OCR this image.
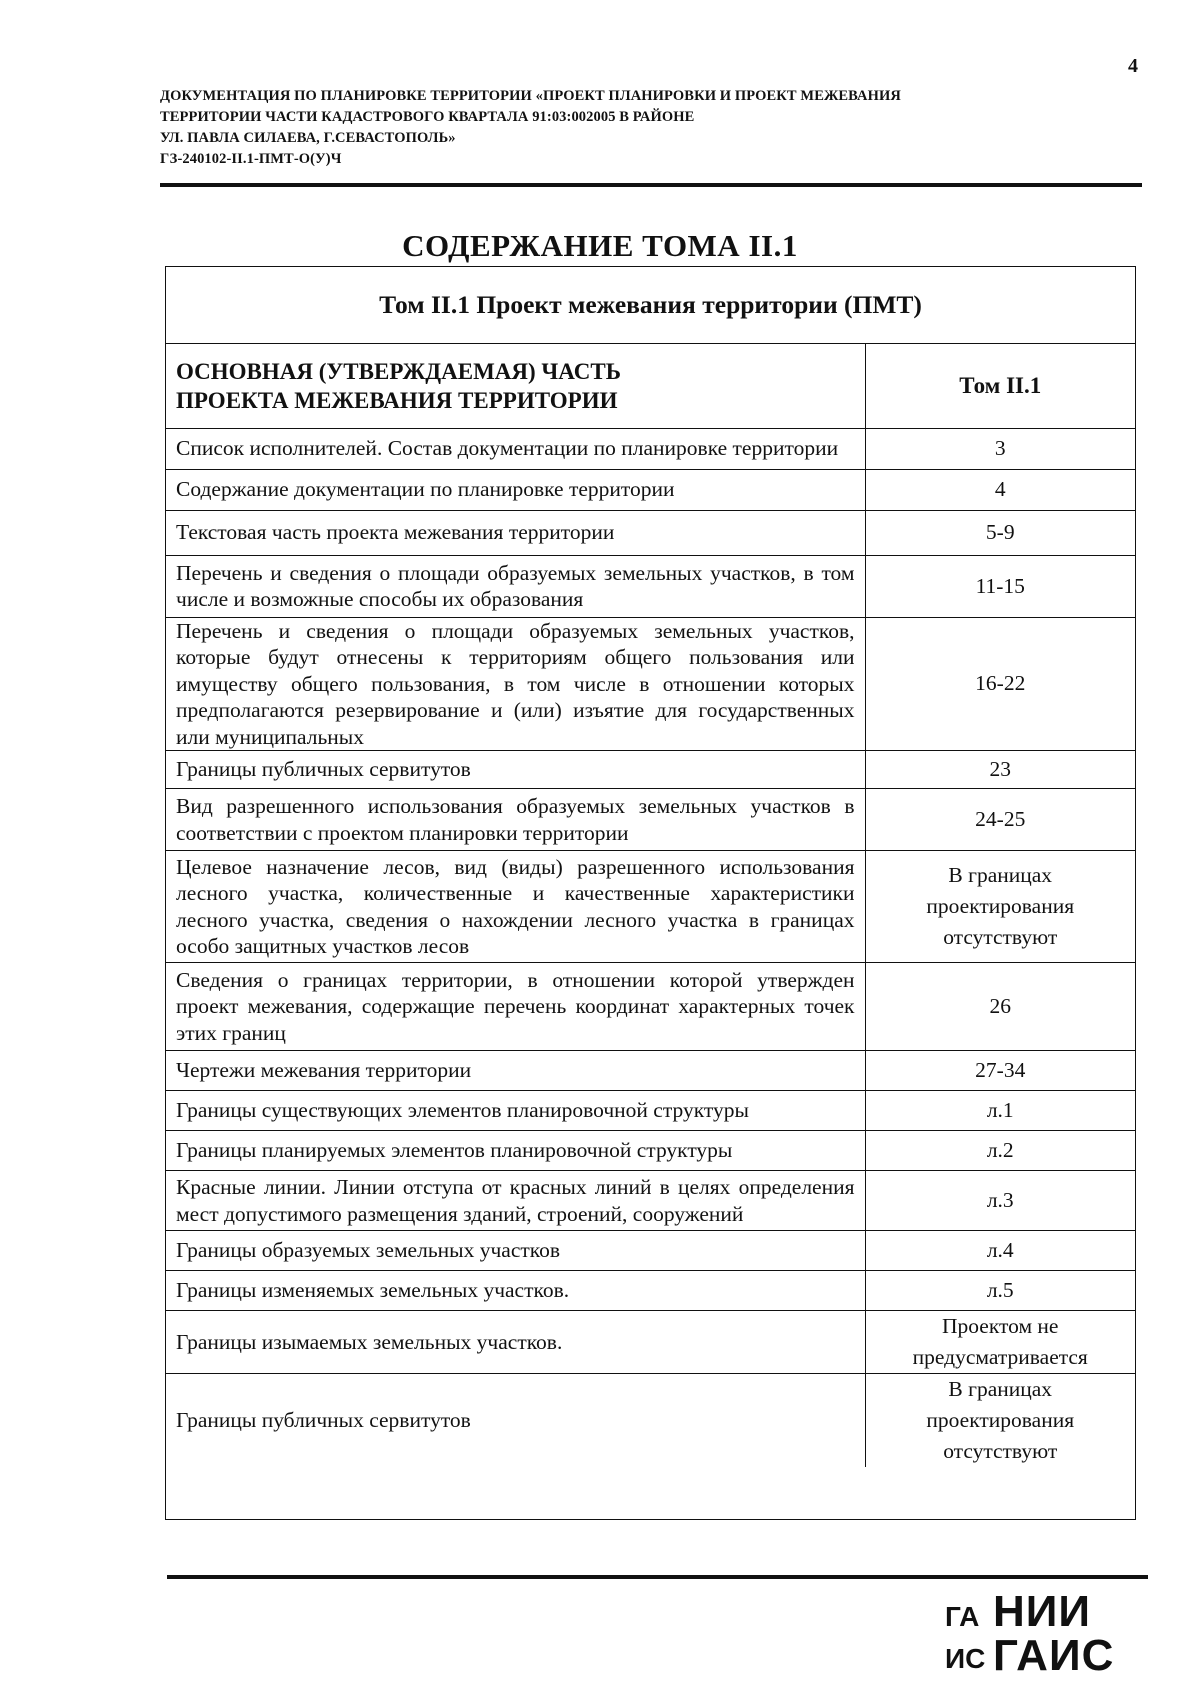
4
ДОКУМЕНТАЦИЯ ПО ПЛАНИРОВКЕ ТЕРРИТОРИИ «ПРОЕКТ ПЛАНИРОВКИ И ПРОЕКТ МЕЖЕВАНИЯ
ТЕРРИТОРИИ ЧАСТИ КАДАСТРОВОГО КВАРТАЛА 91:03:002005 В РАЙОНЕ
УЛ. ПАВЛА СИЛАЕВА, Г.СЕВАСТОПОЛЬ»
ГЗ-240102-II.1-ПМТ-О(У)Ч
СОДЕРЖАНИЕ ТОМА II.1
Том II.1 Проект межевания территории (ПМТ)
ОСНОВНАЯ (УТВЕРЖДАЕМАЯ) ЧАСТЬ
ПРОЕКТА МЕЖЕВАНИЯ ТЕРРИТОРИИ	Том II.1
Список исполнителей. Состав документации по планировке территории	3
Содержание документации по планировке территории	4
Текстовая часть проекта межевания территории	5-9
Перечень и сведения о площади образуемых земельных участков, в том числе и возможные способы их образования	11-15
Перечень и сведения о площади образуемых земельных участков, которые будут отнесены к территориям общего пользования или имуществу общего пользования, в том числе в отношении которых предполагаются резервирование и (или) изъятие для государственных или муниципальных	16-22
Границы публичных сервитутов	23
Вид разрешенного использования образуемых земельных участков в соответствии с проектом планировки территории	24-25
Целевое назначение лесов, вид (виды) разрешенного использования лесного участка, количественные и качественные характеристики лесного участка, сведения о нахождении лесного участка в границах особо защитных участков лесов	В границах проектирования отсутствуют
Сведения о границах территории, в отношении которой утвержден проект межевания, содержащие перечень координат характерных точек этих границ	26
Чертежи межевания территории	27-34
Границы существующих элементов планировочной структуры	л.1
Границы планируемых элементов планировочной структуры	л.2
Красные линии. Линии отступа от красных линий в целях определения мест допустимого размещения зданий, строений, сооружений	л.3
Границы образуемых земельных участков	л.4
Границы изменяемых земельных участков.	л.5
Границы изымаемых земельных участков.	Проектом не предусматривается
Границы публичных сервитутов	В границах проектирования отсутствуют
ГА
ИС
НИИ
ГАИС
